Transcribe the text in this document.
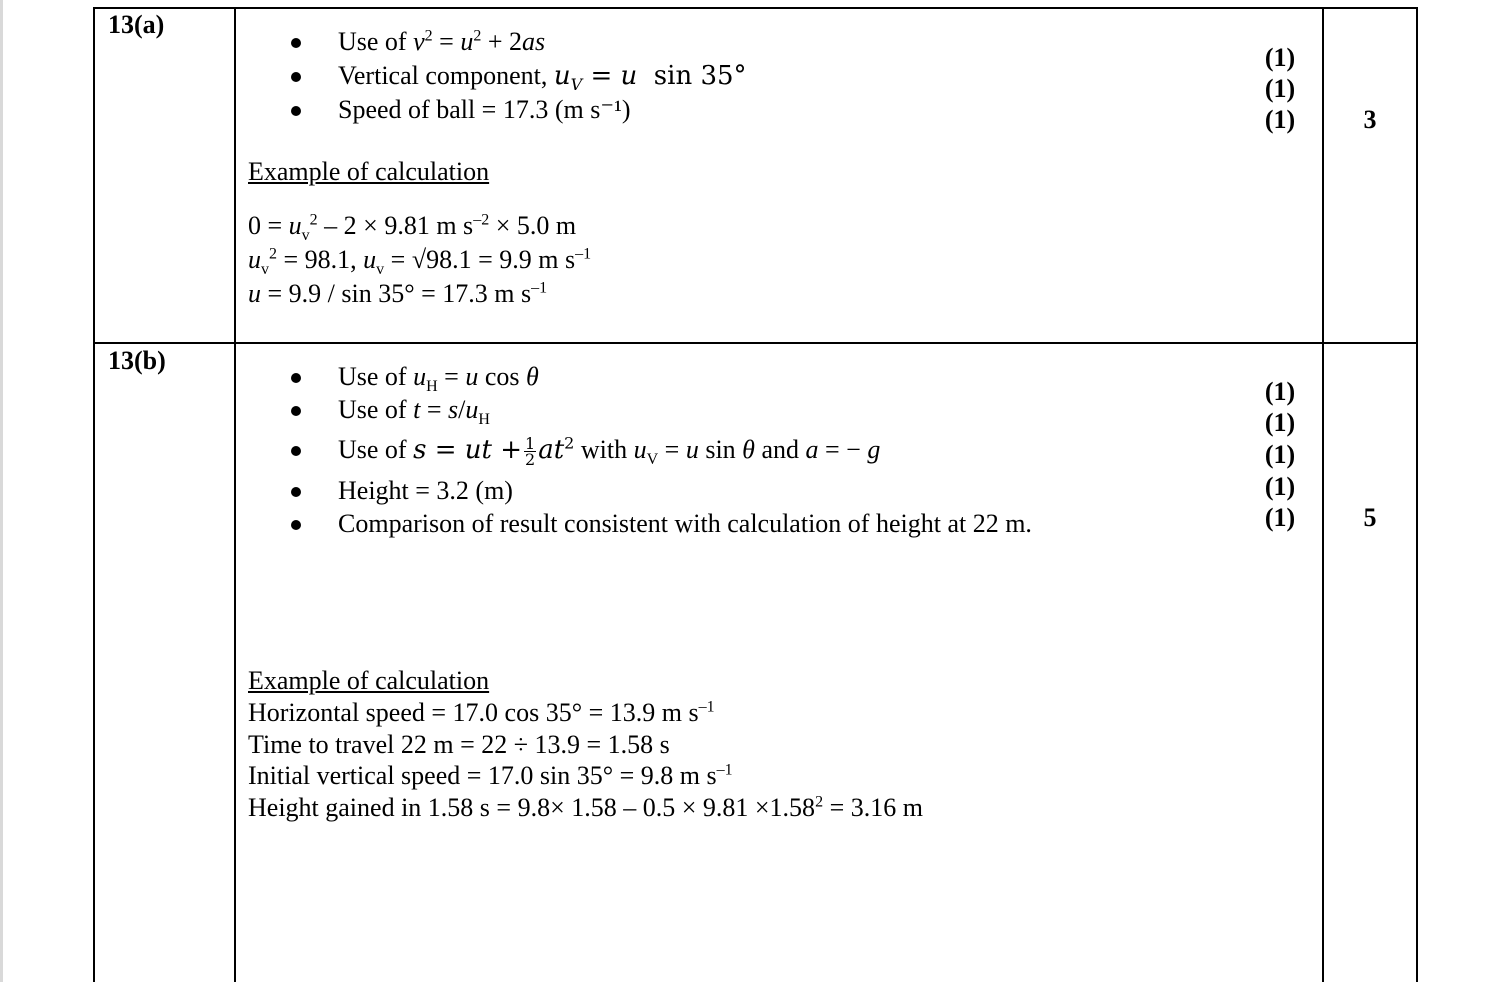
13(a)
Use of $v^2 = u^2 + 2as$
Vertical component, $u_V = u$  sin 35°
Speed of ball = 17.3 (m s⁻¹)
(1)
(1)
(1)	3
Example of calculation
$0 = u_v^2 - 2 \times 9.81$ m $s^{-2} \times 5.0$ m
$u_v^2 = 98.1$, $u_v = √98.1 = 9.9$ m $s^{-1}$
u = 9.9 / sin 35° = 17.3 m $s^{-1}$
13(b)
Use of $u_H = u$ cos θ
Use of $t = s/u_H$
Use of s = ut + $\frac{1}{2} at^2$ with $u_V = u$ sin θ and a = − g
Height = 3.2 (m)
Comparison of result consistent with calculation of height at 22 m.
(1)
(1)
(1)
(1)
(1)	5
Example of calculation
Horizontal speed = 17.0 cos 35° = 13.9 m $s^{-1}$
Time to travel 22 m = 22 ÷ 13.9 = 1.58 s
Initial vertical speed = 17.0 sin 35° = 9.8 m $s^{-1}$
Height gained in 1.58 $s = 9.8\times 1.58 - 0.5 \times 9.81 \times 1.58^2 = 3.16$ m
